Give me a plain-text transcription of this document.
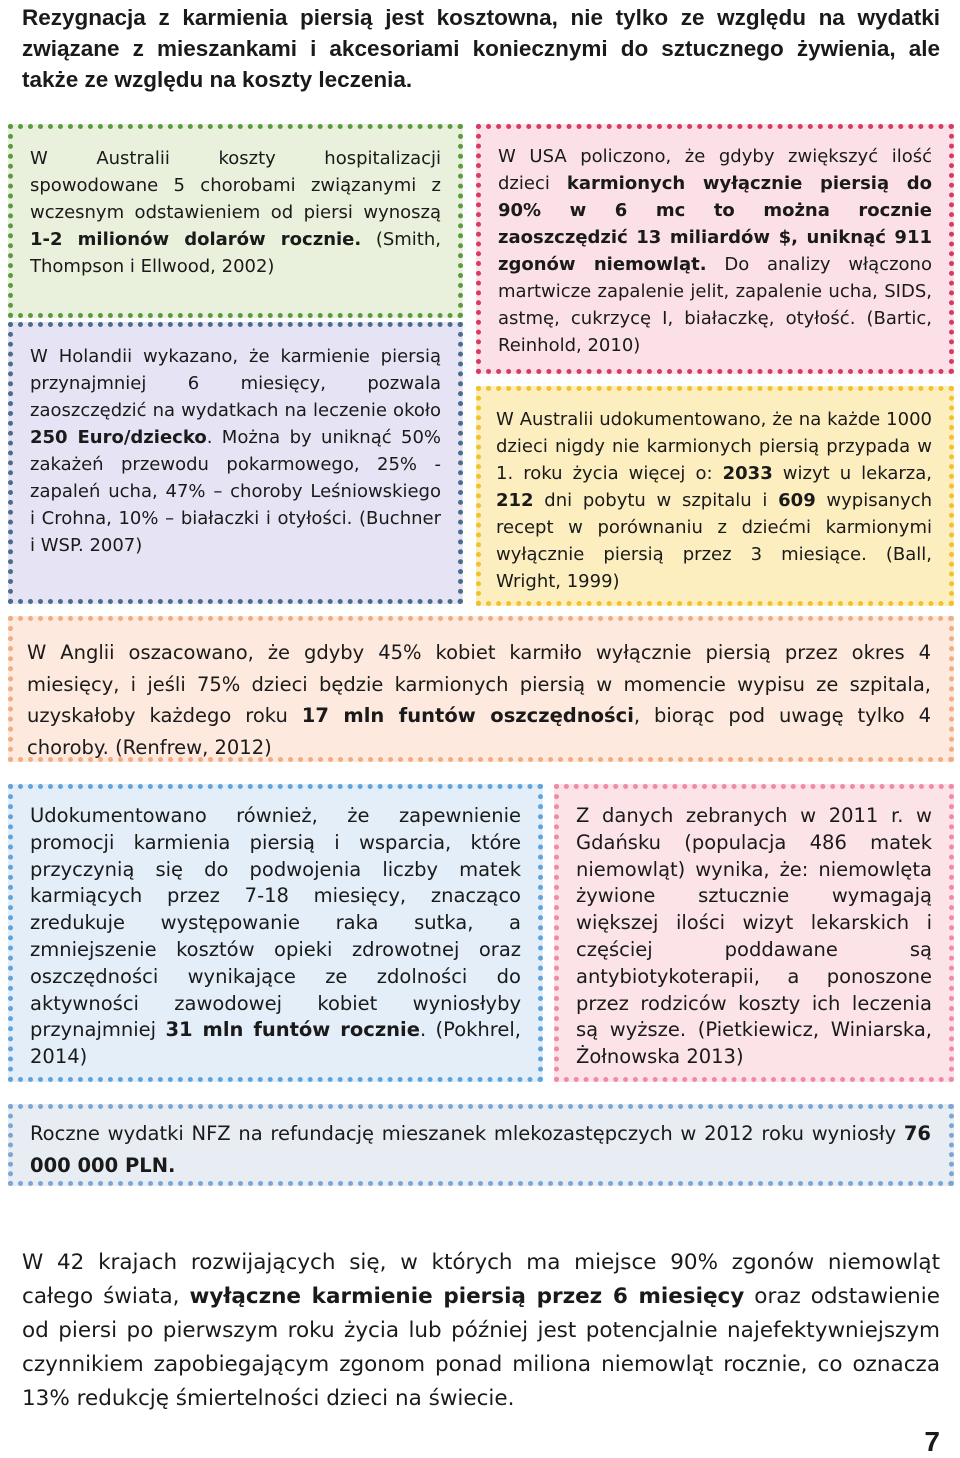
Rezygnacja z karmienia piersią jest kosztowna, nie tylko ze względu na wydatki związane z mieszankami i akcesoriami koniecznymi do sztucznego żywienia, ale także ze względu na koszty leczenia.

W Australii koszty hospitalizacji spowodowane 5 chorobami związanymi z wczesnym odstawieniem od piersi wynoszą 1-2 milionów dolarów rocznie. (Smith, Thompson i Ellwood, 2002)

W Holandii wykazano, że karmienie piersią przynajmniej 6 miesięcy, pozwala zaoszczędzić na wydatkach na leczenie około 250 Euro/dziecko. Można by uniknąć 50% zakażeń przewodu pokarmowego, 25% - zapaleń ucha, 47% – choroby Leśniowskiego i Crohna, 10% – białaczki i otyłości. (Buchner i WSP. 2007)

W USA policzono, że gdyby zwiększyć ilość dzieci karmionych wyłącznie piersią do 90% w 6 mc to można rocznie zaoszczędzić 13 miliardów $, uniknąć 911 zgonów niemowląt. Do analizy włączono martwicze zapalenie jelit, zapalenie ucha, SIDS, astmę, cukrzycę I, białaczkę, otyłość. (Bartic, Reinhold, 2010)

W Australii udokumentowano, że na każde 1000 dzieci nigdy nie karmionych piersią przypada w 1. roku życia więcej o: 2033 wizyt u lekarza, 212 dni pobytu w szpitalu i 609 wypisanych recept w porównaniu z dziećmi karmionymi wyłącznie piersią przez 3 miesiące. (Ball, Wright, 1999)

W Anglii oszacowano, że gdyby 45% kobiet karmiło wyłącznie piersią przez okres 4 miesięcy, i jeśli 75% dzieci będzie karmionych piersią w momencie wypisu ze szpitala, uzyskałoby każdego roku 17 mln funtów oszczędności, biorąc pod uwagę tylko 4 choroby. (Renfrew, 2012)

Udokumentowano również, że zapewnienie promocji karmienia piersią i wsparcia, które przyczynią się do podwojenia liczby matek karmiących przez 7-18 miesięcy, znacząco zredukuje występowanie raka sutka, a zmniejszenie kosztów opieki zdrowotnej oraz oszczędności wynikające ze zdolności do aktywności zawodowej kobiet wyniosłyby przynajmniej 31 mln funtów rocznie. (Pokhrel, 2014)

Z danych zebranych w 2011 r. w Gdańsku (populacja 486 matek niemowląt) wynika, że: niemowlęta żywione sztucznie wymagają większej ilości wizyt lekarskich i częściej poddawane są antybiotykoterapii, a ponoszone przez rodziców koszty ich leczenia są wyższe. (Pietkiewicz, Winiarska, Żołnowska 2013)

Roczne wydatki NFZ na refundację mieszanek mlekozastępczych w 2012 roku wyniosły 76 000 000 PLN.

W 42 krajach rozwijających się, w których ma miejsce 90% zgonów niemowląt całego świata, wyłączne karmienie piersią przez 6 miesięcy oraz odstawienie od piersi po pierwszym roku życia lub później jest potencjalnie najefektywniejszym czynnikiem zapobiegającym zgonom ponad miliona niemowląt rocznie, co oznacza 13% redukcję śmiertelności dzieci na świecie.

7
